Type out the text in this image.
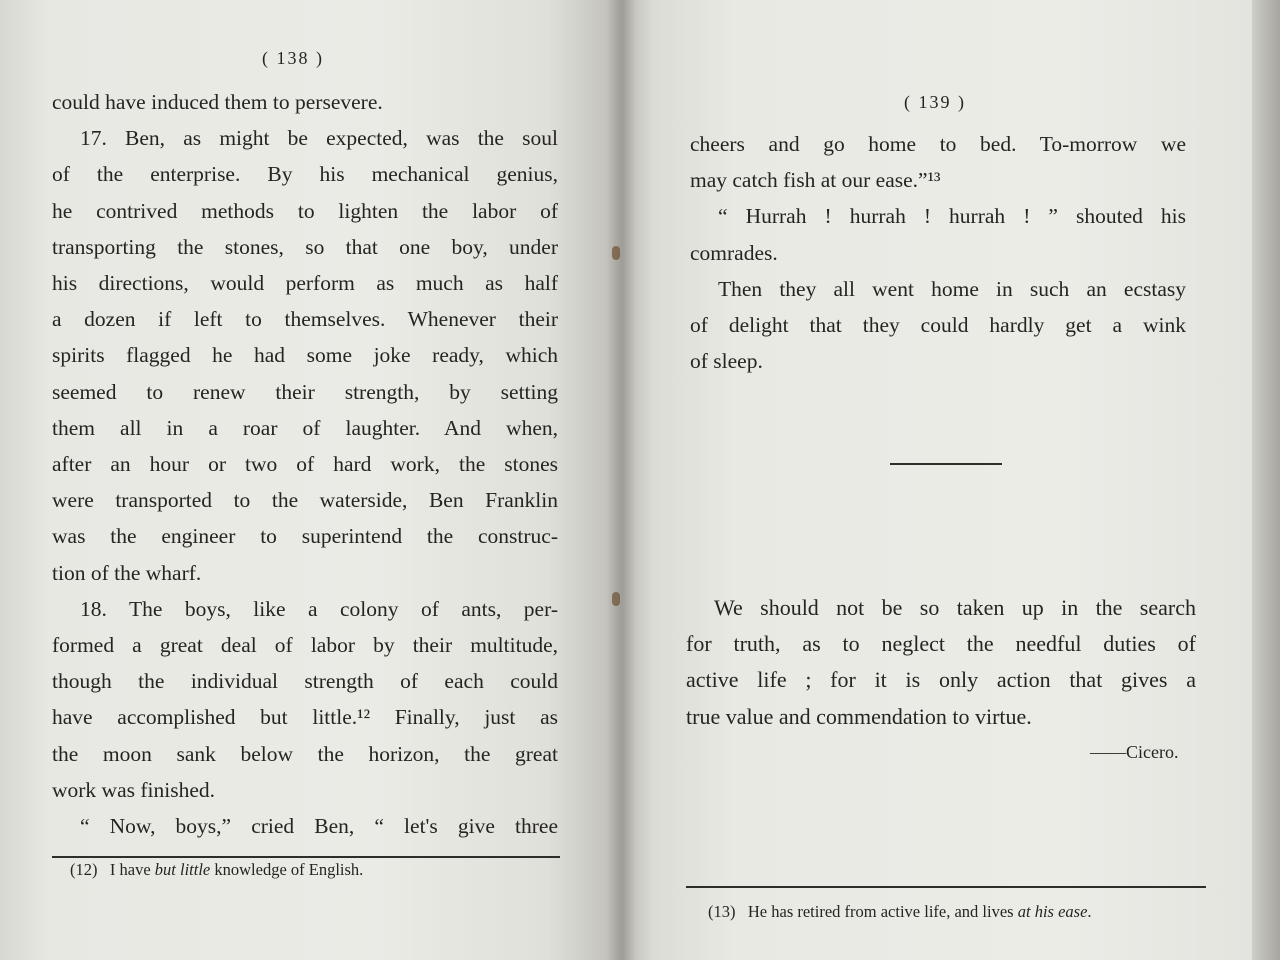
( 138 )
could have induced them to persevere.
17. Ben, as might be expected, was the soul
of the enterprise. By his mechanical genius,
he contrived methods to lighten the labor of
transporting the stones, so that one boy, under
his directions, would perform as much as half
a dozen if left to themselves. Whenever their
spirits flagged he had some joke ready, which
seemed to renew their strength, by setting
them all in a roar of laughter. And when,
after an hour or two of hard work, the stones
were transported to the waterside, Ben Franklin
was the engineer to superintend the construc-
tion of the wharf.
18. The boys, like a colony of ants, per-
formed a great deal of labor by their multitude,
though the individual strength of each could
have accomplished but little.¹² Finally, just as
the moon sank below the horizon, the great
work was finished.
“ Now, boys,” cried Ben, “ let's give three
(12) I have but little knowledge of English.
( 139 )
cheers and go home to bed. To-morrow we
may catch fish at our ease.”¹³
“ Hurrah ! hurrah ! hurrah ! ” shouted his
comrades.
Then they all went home in such an ecstasy
of delight that they could hardly get a wink
of sleep.
We should not be so taken up in the search
for truth, as to neglect the needful duties of
active life ; for it is only action that gives a
true value and commendation to virtue.
——Cicero.
(13) He has retired from active life, and lives at his ease.
